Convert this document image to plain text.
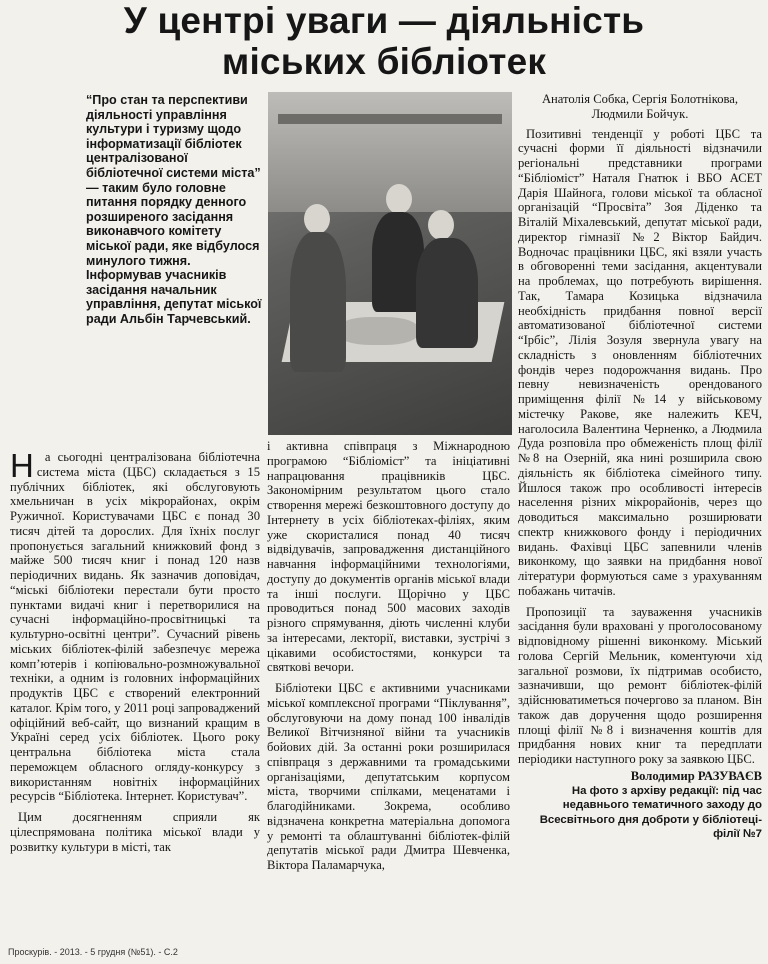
У центрі уваги — діяльність
міських бібліотек

“Про стан та перспективи діяльності управління культури і туризму щодо інформатизації бібліотек централізованої бібліотечної системи міста” — таким було головне питання порядку денного розширеного засідання виконавчого комітету міської ради, яке відбулося минулого тижня. Інформував учасників засідання начальник управління, депутат міської ради Альбін Тарчевський.

На сьогодні централізована бібліотечна система міста (ЦБС) складається з 15 публічних бібліотек, які обслуговують хмельничан в усіх мікрорайонах, окрім Ружичної. Користувачами ЦБС є понад 30 тисяч дітей та дорослих. Для їхніх послуг пропонується загальний книжковий фонд з майже 500 тисяч книг і понад 120 назв періодичних видань. Як зазначив доповідач, “міські бібліотеки перестали бути просто пунктами видачі книг і перетворилися на сучасні інформаційно-просвітницькі та культурно-освітні центри”. Сучасний рівень міських бібліотек-філій забезпечує мережа комп’ютерів і копіювально-розмножувальної техніки, а одним із головних інформаційних продуктів ЦБС є створений електронний каталог. Крім того, у 2011 році запроваджений офіційний веб-сайт, що визнаний кращим в Україні серед усіх бібліотек. Цього року центральна бібліотека міста стала переможцем обласного огляду-конкурсу з використанням новітніх інформаційних ресурсів “Бібліотека. Інтернет. Користувач”.

Цим досягненням сприяли як цілеспрямована політика міської влади у розвитку культури в місті, так

і активна співпраця з Міжнародною програмою “Бібліоміст” та ініціативні напрацювання працівників ЦБС. Закономірним результатом цього стало створення мережі безкоштовного доступу до Інтернету в усіх бібліотеках-філіях, яким уже скористалися понад 40 тисяч відвідувачів, запровадження дистанційного навчання інформаційними технологіями, доступу до документів органів міської влади та інші послуги. Щорічно у ЦБС проводиться понад 500 масових заходів різного спрямування, діють численні клуби за інтересами, лекторії, виставки, зустрічі з цікавими особистостями, конкурси та святкові вечори.

Бібліотеки ЦБС є активними учасниками міської комплексної програми “Піклування”, обслуговуючи на дому понад 100 інвалідів Великої Вітчизняної війни та учасників бойових дій. За останні роки розширилася співпраця з державними та громадськими організаціями, депутатським корпусом міста, творчими спілками, меценатами і благодійниками. Зокрема, особливо відзначена конкретна матеріальна допомога у ремонті та облаштуванні бібліотек-філій депутатів міської ради Дмитра Шевченка, Віктора Паламарчука,

Анатолія Собка, Сергія Болотнікова, Людмили Бойчук.

Позитивні тенденції у роботі ЦБС та сучасні форми її діяльності відзначили регіональні представники програми “Бібліоміст” Наталя Гнатюк і ВБО АСЕТ Дарія Шайнога, голови міської та обласної організацій “Просвіта” Зоя Діденко та Віталій Міхалевський, депутат міської ради, директор гімназії №2 Віктор Байдич. Водночас працівники ЦБС, які взяли участь в обговоренні теми засідання, акцентували на проблемах, що потребують вирішення. Так, Тамара Козицька відзначила необхідність придбання повної версії автоматизованої бібліотечної системи “Ірбіс”, Лілія Зозуля звернула увагу на складність з оновленням бібліотечних фондів через подорожчання видань. Про певну невизначеність орендованого приміщення філії №14 у військовому містечку Ракове, яке належить КЕЧ, наголосила Валентина Черненко, а Людмила Дуда розповіла про обмеженість площ філії №8 на Озерній, яка нині розширила свою діяльність як бібліотека сімейного типу. Йшлося також про особливості інтересів населення різних мікрорайонів, через що доводиться максимально розширювати спектр книжкового фонду і періодичних видань. Фахівці ЦБС запевнили членів виконкому, що заявки на придбання нової літератури формуються саме з урахуванням побажань читачів.

Пропозиції та зауваження учасників засідання були враховані у проголосованому відповідному рішенні виконкому. Міський голова Сергій Мельник, коментуючи хід загальної розмови, їх підтримав особисто, зазначивши, що ремонт бібліотек-філій здійснюватиметься почергово за планом. Він також дав доручення щодо розширення площі філії №8 і визначення коштів для придбання нових книг та передплати періодики наступного року за заявкою ЦБС.

Володимир РАЗУВАЄВ

На фото з архіву редакції: під час недавнього тематичного заходу до Всесвітнього дня доброти у бібліотеці-філії №7

Проскурів. - 2013. - 5 грудня (№51). - С.2
